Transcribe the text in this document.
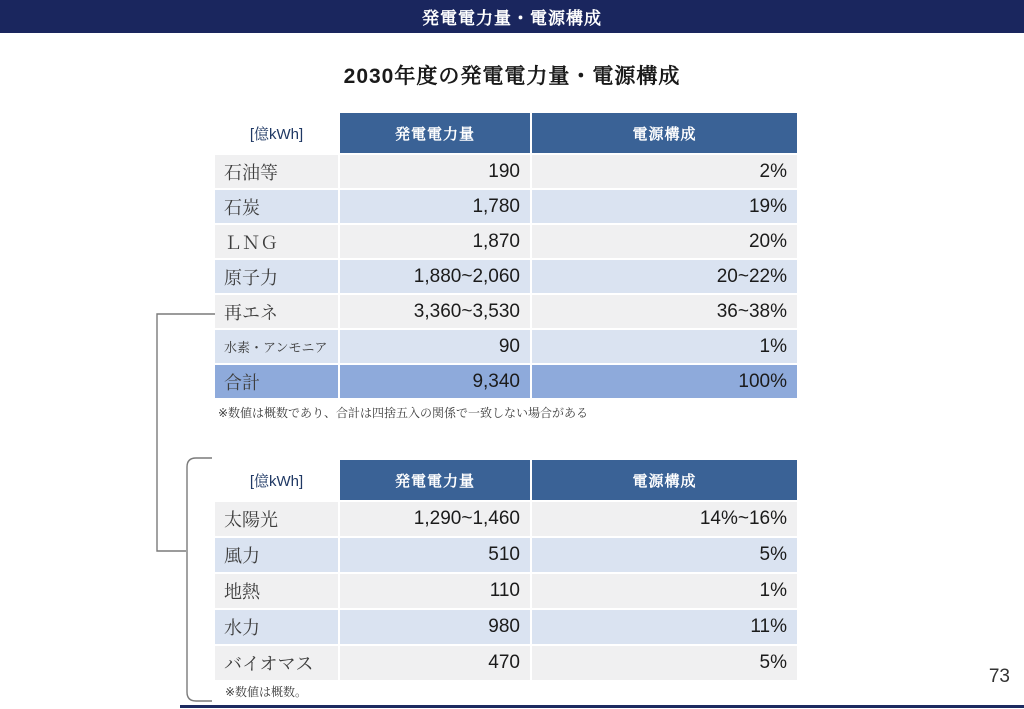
発電電力量・電源構成
2030年度の発電電力量・電源構成
[億kWh]	発電電力量	電源構成
石油等	190	2%
石炭	1,780	19%
ＬＮＧ	1,870	20%
原子力	1,880~2,060	20~22%
再エネ	3,360~3,530	36~38%
水素・アンモニア	90	1%
合計	9,340	100%
※数値は概数であり、合計は四捨五入の関係で一致しない場合がある
[億kWh]	発電電力量	電源構成
太陽光	1,290~1,460	14%~16%
風力	510	5%
地熱	110	1%
水力	980	11%
バイオマス	470	5%
※数値は概数。
73
